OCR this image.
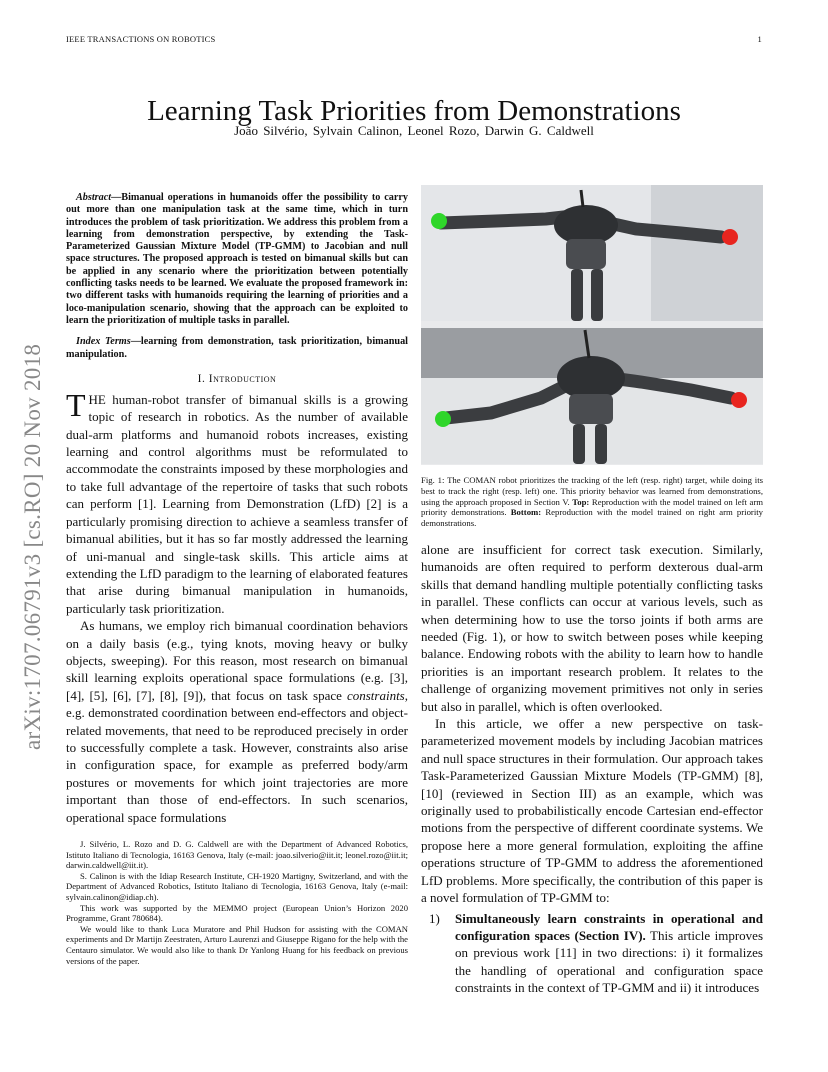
IEEE TRANSACTIONS ON ROBOTICS	1
Learning Task Priorities from Demonstrations
João Silvério, Sylvain Calinon, Leonel Rozo, Darwin G. Caldwell
arXiv:1707.06791v3 [cs.RO] 20 Nov 2018

Abstract—Bimanual operations in humanoids offer the possibility to carry out more than one manipulation task at the same time, which in turn introduces the problem of task prioritization. We address this problem from a learning from demonstration perspective, by extending the Task-Parameterized Gaussian Mixture Model (TP-GMM) to Jacobian and null space structures. The proposed approach is tested on bimanual skills but can be applied in any scenario where the prioritization between potentially conflicting tasks needs to be learned. We evaluate the proposed framework in: two different tasks with humanoids requiring the learning of priorities and a loco-manipulation scenario, showing that the approach can be exploited to learn the prioritization of multiple tasks in parallel.

Index Terms—learning from demonstration, task prioritization, bimanual manipulation.

I. Introduction

THE human-robot transfer of bimanual skills is a growing topic of research in robotics. As the number of available dual-arm platforms and humanoid robots increases, existing learning and control algorithms must be reformulated to accommodate the constraints imposed by these morphologies and to take full advantage of the repertoire of tasks that such robots can perform [1]. Learning from Demonstration (LfD) [2] is a particularly promising direction to achieve a seamless transfer of bimanual abilities, but it has so far mostly addressed the learning of uni-manual and single-task skills. This article aims at extending the LfD paradigm to the learning of elaborated features that arise during bimanual manipulation in humanoids, particularly task prioritization.

As humans, we employ rich bimanual coordination behaviors on a daily basis (e.g., tying knots, moving heavy or bulky objects, sweeping). For this reason, most research on bimanual skill learning exploits operational space formulations (e.g. [3], [4], [5], [6], [7], [8], [9]), that focus on task space constraints, e.g. demonstrated coordination between end-effectors and object-related movements, that need to be reproduced precisely in order to successfully complete a task. However, constraints also arise in configuration space, for example as preferred body/arm postures or movements for which joint trajectories are more important than those of end-effectors. In such scenarios, operational space formulations

J. Silvério, L. Rozo and D. G. Caldwell are with the Department of Advanced Robotics, Istituto Italiano di Tecnologia, 16163 Genova, Italy (e-mail: joao.silverio@iit.it; leonel.rozo@iit.it; darwin.caldwell@iit.it).

S. Calinon is with the Idiap Research Institute, CH-1920 Martigny, Switzerland, and with the Department of Advanced Robotics, Istituto Italiano di Tecnologia, 16163 Genova, Italy (e-mail: sylvain.calinon@idiap.ch).

This work was supported by the MEMMO project (European Union’s Horizon 2020 Programme, Grant 780684).

We would like to thank Luca Muratore and Phil Hudson for assisting with the COMAN experiments and Dr Martijn Zeestraten, Arturo Laurenzi and Giuseppe Rigano for the help with the Centauro simulator. We would also like to thank Dr Yanlong Huang for his feedback on previous versions of the paper.

Fig. 1: The COMAN robot prioritizes the tracking of the left (resp. right) target, while doing its best to track the right (resp. left) one. This priority behavior was learned from demonstrations, using the approach proposed in Section V. Top: Reproduction with the model trained on left arm priority demonstrations. Bottom: Reproduction with the model trained on right arm priority demonstrations.

alone are insufficient for correct task execution. Similarly, humanoids are often required to perform dexterous dual-arm skills that demand handling multiple potentially conflicting tasks in parallel. These conflicts can occur at various levels, such as when determining how to use the torso joints if both arms are needed (Fig. 1), or how to switch between poses while keeping balance. Endowing robots with the ability to learn how to handle priorities is an important research problem. It relates to the challenge of organizing movement primitives not only in series but also in parallel, which is often overlooked.

In this article, we offer a new perspective on task-parameterized movement models by including Jacobian matrices and null space structures in their formulation. Our approach takes Task-Parameterized Gaussian Mixture Models (TP-GMM) [8], [10] (reviewed in Section III) as an example, which was originally used to probabilistically encode Cartesian end-effector motions from the perspective of different coordinate systems. We propose here a more general formulation, exploiting the affine operations structure of TP-GMM to address the aforementioned LfD problems. More specifically, the contribution of this paper is a novel formulation of TP-GMM to:

1)	Simultaneously learn constraints in operational and configuration spaces (Section IV). This article improves on previous work [11] in two directions: i) it formalizes the handling of operational and configuration space constraints in the context of TP-GMM and ii) it introduces
